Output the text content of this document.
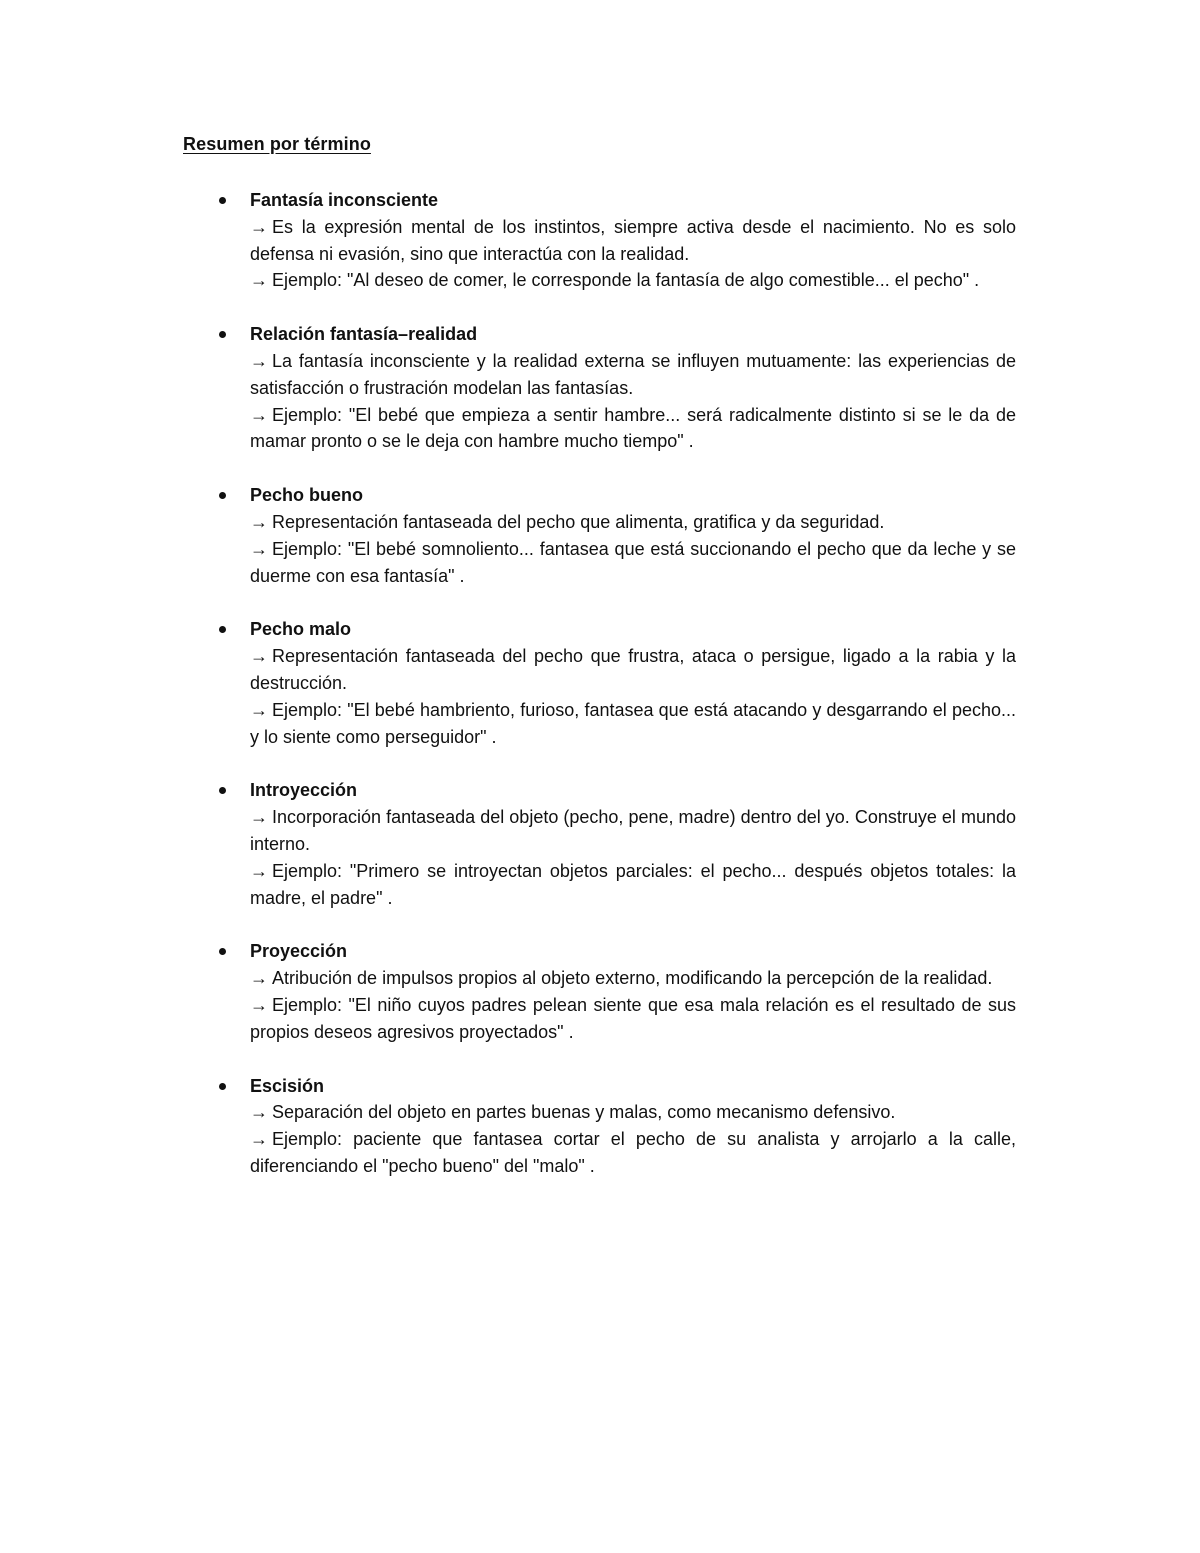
Resumen por término
Fantasía inconsciente
→ Es la expresión mental de los instintos, siempre activa desde el nacimiento. No es solo defensa ni evasión, sino que interactúa con la realidad.
→ Ejemplo: "Al deseo de comer, le corresponde la fantasía de algo comestible... el pecho" .
Relación fantasía–realidad
→ La fantasía inconsciente y la realidad externa se influyen mutuamente: las experiencias de satisfacción o frustración modelan las fantasías.
→ Ejemplo: "El bebé que empieza a sentir hambre... será radicalmente distinto si se le da de mamar pronto o se le deja con hambre mucho tiempo" .
Pecho bueno
→ Representación fantaseada del pecho que alimenta, gratifica y da seguridad.
→ Ejemplo: "El bebé somnoliento... fantasea que está succionando el pecho que da leche y se duerme con esa fantasía" .
Pecho malo
→ Representación fantaseada del pecho que frustra, ataca o persigue, ligado a la rabia y la destrucción.
→ Ejemplo: "El bebé hambriento, furioso, fantasea que está atacando y desgarrando el pecho... y lo siente como perseguidor" .
Introyección
→ Incorporación fantaseada del objeto (pecho, pene, madre) dentro del yo. Construye el mundo interno.
→ Ejemplo: "Primero se introyectan objetos parciales: el pecho... después objetos totales: la madre, el padre" .
Proyección
→ Atribución de impulsos propios al objeto externo, modificando la percepción de la realidad.
→ Ejemplo: "El niño cuyos padres pelean siente que esa mala relación es el resultado de sus propios deseos agresivos proyectados" .
Escisión
→ Separación del objeto en partes buenas y malas, como mecanismo defensivo.
→ Ejemplo: paciente que fantasea cortar el pecho de su analista y arrojarlo a la calle, diferenciando el "pecho bueno" del "malo" .
